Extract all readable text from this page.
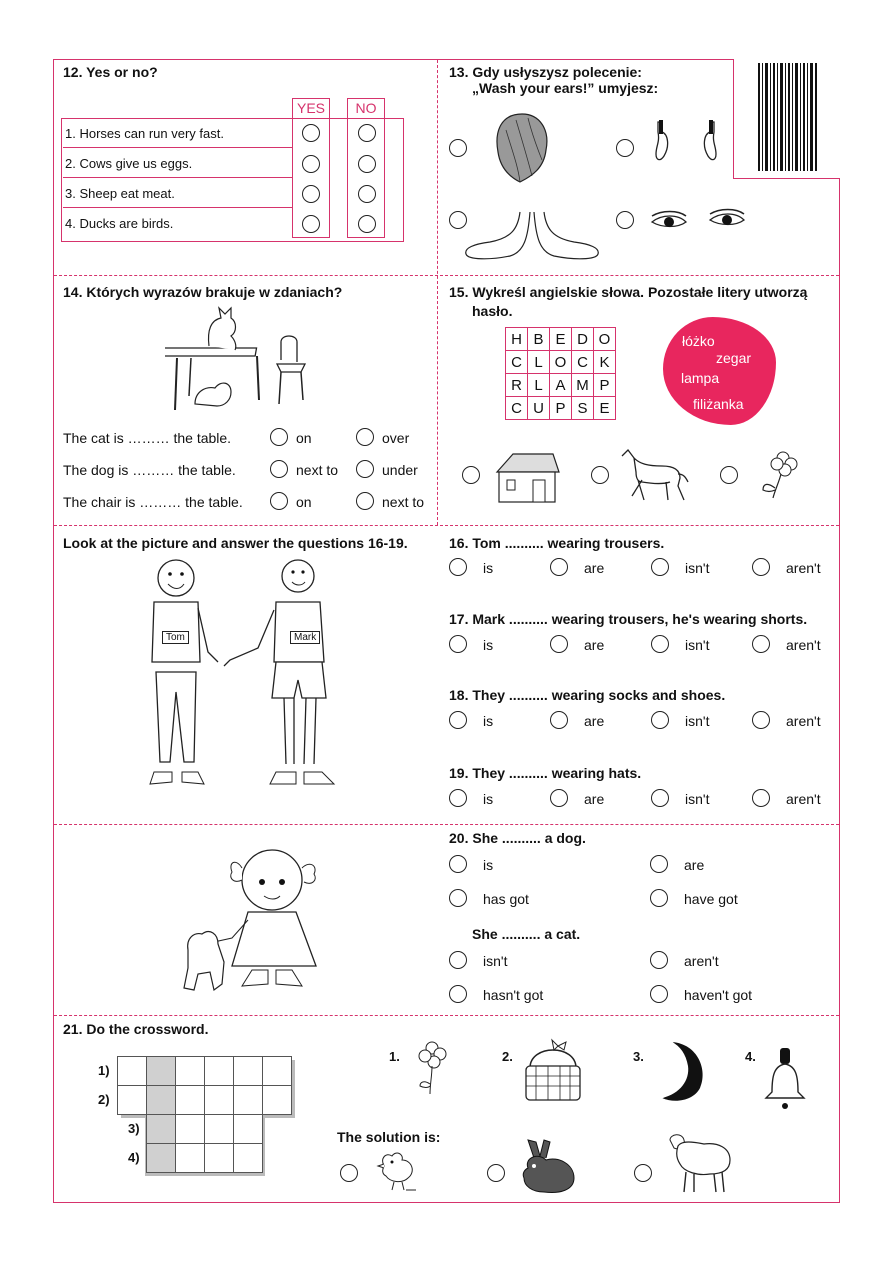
12. Yes or no?
YES	NO
1. Horses can run very fast.
2. Cows give us eggs.
3. Sheep eat meat.
4. Ducks are birds.
13. Gdy usłyszysz polecenie:
„Wash your ears!” umyjesz:
14. Których wyrazów brakuje w zdaniach?
The cat is ……… the table.	on	over
The dog is ……… the table.	next to	under
The chair is ……… the table.	on	next to
15. Wykreśl angielskie słowa. Pozostałe litery utworzą
hasło.
H	B	E	D	O
C	L	O	C	K
R	L	A	M	P
C	U	P	S	E
łóżko
zegar
lampa
filiżanka
Look at the picture and answer the questions 16-19.
Tom	Mark
16. Tom .......... wearing trousers.
is	are	isn't	aren't
17. Mark .......... wearing trousers, he's wearing shorts.
is	are	isn't	aren't
18. They .......... wearing socks and shoes.
is	are	isn't	aren't
19. They .......... wearing hats.
is	are	isn't	aren't
20. She .......... a dog.
is	are
has got	have got
She .......... a cat.
isn't	aren't
hasn't got	haven't got
21. Do the crossword.

1)
2)
3)
4)
1.	2.	3.	4.
The solution is:
